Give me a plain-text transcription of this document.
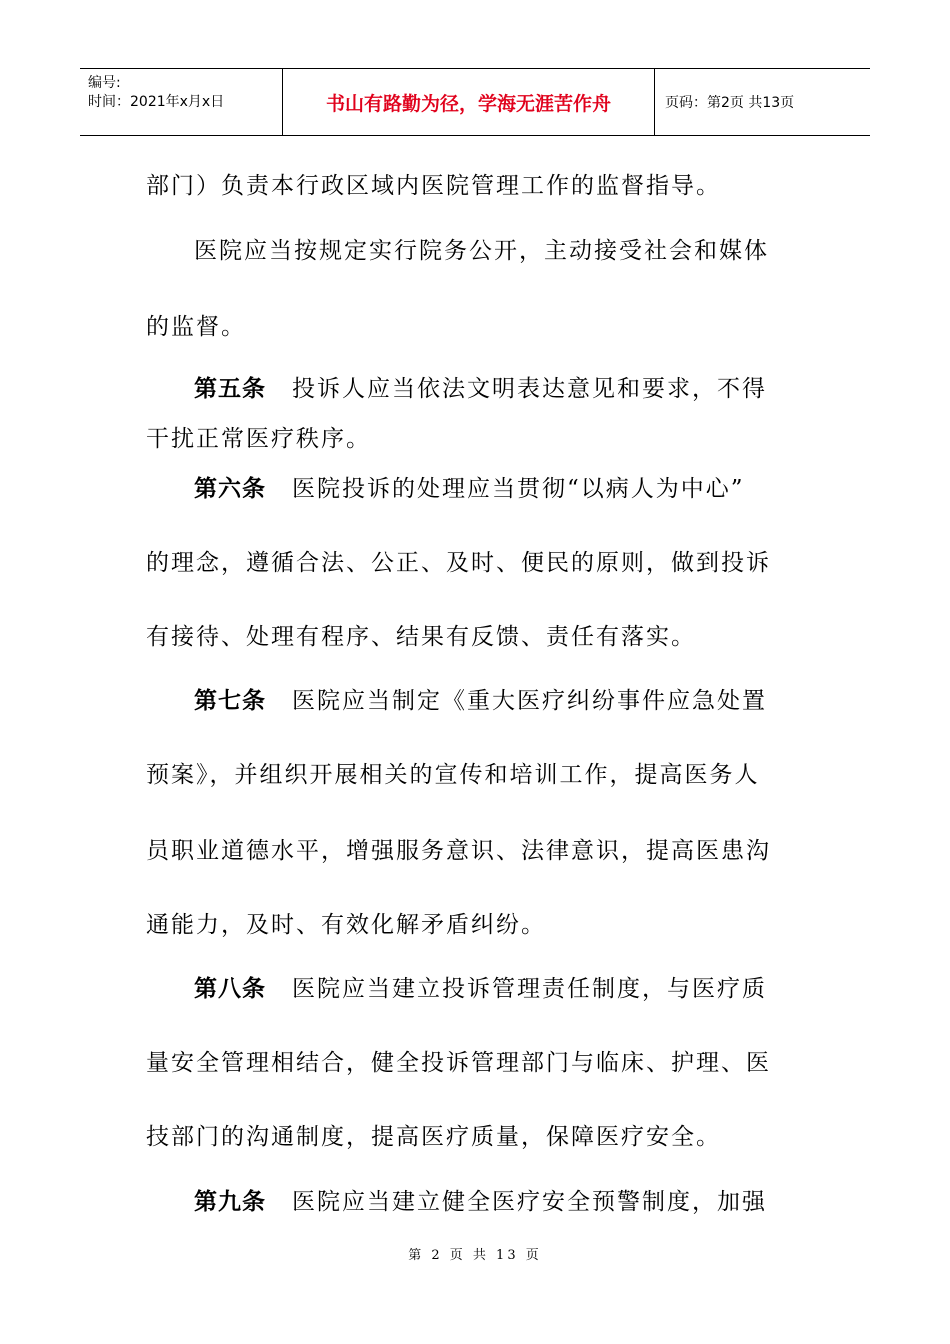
编号:
时间：2021年x月x日	书山有路勤为径，学海无涯苦作舟	页码：第2页 共13页
部门）负责本行政区域内医院管理工作的监督指导。
医院应当按规定实行院务公开，主动接受社会和媒体
的监督。
第五条 投诉人应当依法文明表达意见和要求，不得
干扰正常医疗秩序。
第六条 医院投诉的处理应当贯彻“以病人为中心”
的理念，遵循合法、公正、及时、便民的原则，做到投诉
有接待、处理有程序、结果有反馈、责任有落实。
第七条 医院应当制定《重大医疗纠纷事件应急处置
预案》，并组织开展相关的宣传和培训工作，提高医务人
员职业道德水平，增强服务意识、法律意识，提高医患沟
通能力，及时、有效化解矛盾纠纷。
第八条 医院应当建立投诉管理责任制度，与医疗质
量安全管理相结合，健全投诉管理部门与临床、护理、医
技部门的沟通制度，提高医疗质量，保障医疗安全。
第九条 医院应当建立健全医疗安全预警制度，加强
第 2 页 共 13 页
